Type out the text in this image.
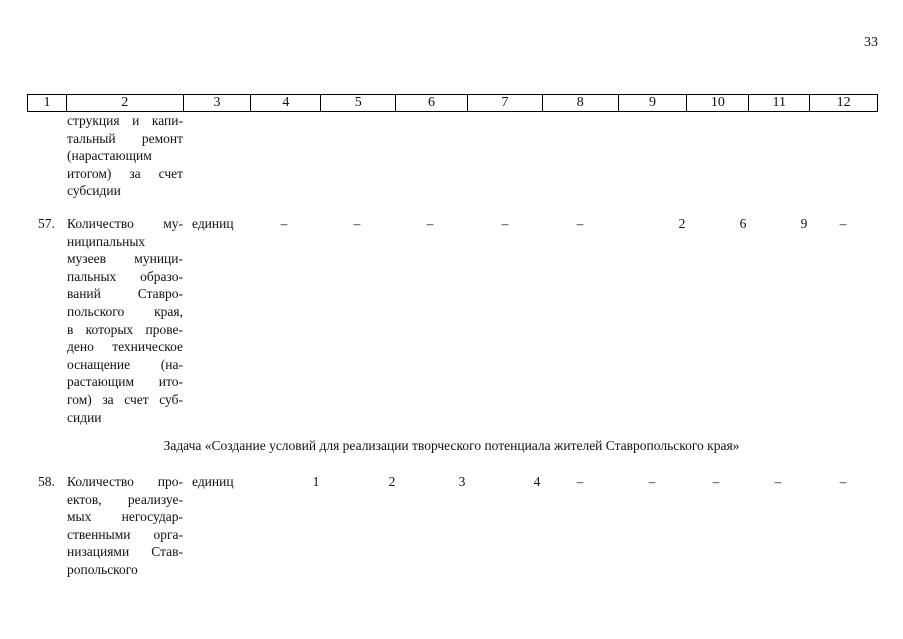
33
1	2	3	4	5	6	7	8	9	10	11	12
струкция и капи-
тальный ремонт
(нарастающим
итогом) за счет
субсидии
57. Количество му-
ниципальных
музеев муници-
пальных образо-
ваний Ставро-
польского края,
в которых прове-
дено техническое
оснащение (на-
растающим ито-
гом) за счет суб-
сидии
единиц	–	–	–	–	–	2	6	9	–
Задача «Создание условий для реализации творческого потенциала жителей Ставропольского края»
58. Количество про-
ектов, реализуе-
мых негосудар-
ственными орга-
низациями Став-
ропольского
единиц	1	2	3	4	–	–	–	–	–
